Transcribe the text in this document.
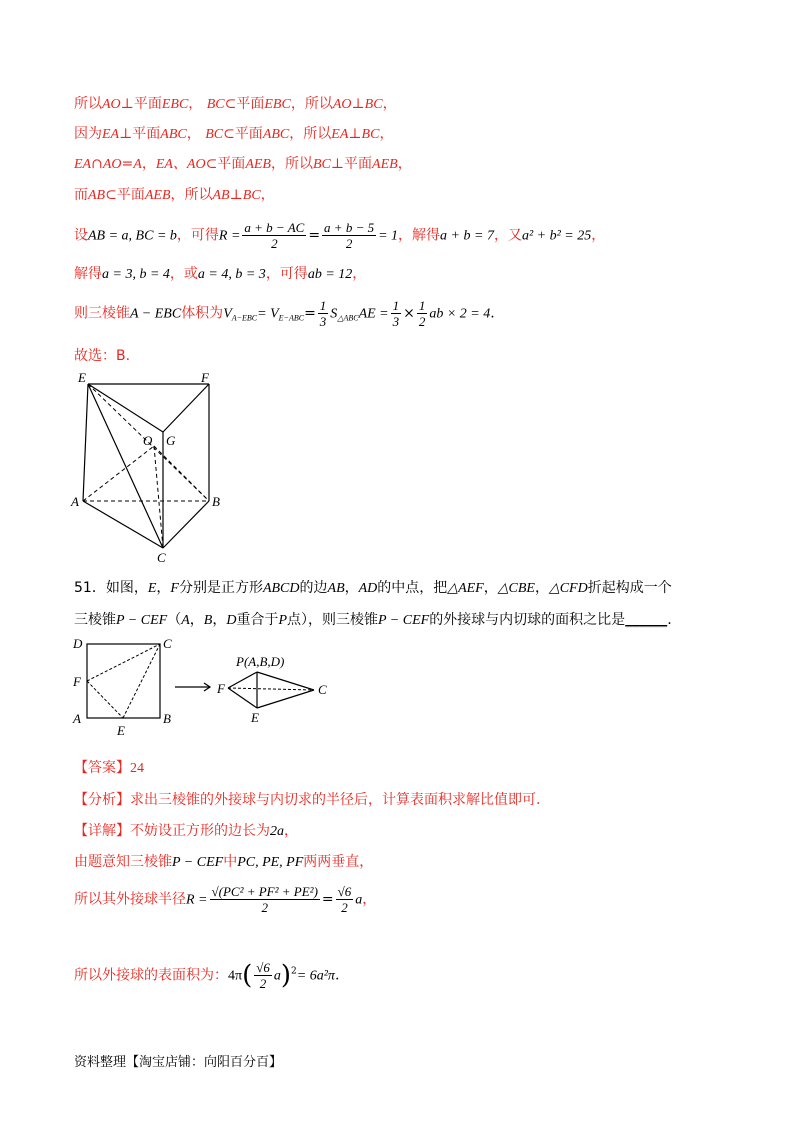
所以AO⊥平面EBC， BC⊂平面EBC，所以AO⊥BC，
因为EA⊥平面ABC， BC⊂平面ABC，所以EA⊥BC，
EA∩AO=A，EA、AO⊂平面AEB，所以BC⊥平面AEB，
而AB⊂平面AEB，所以AB⊥BC，
设AB = a, BC = b，可得$R = \frac{a + b - AC}{2} = \frac{a + b - 5}{2} = 1$，解得a + b = 7，又a² + b² = 25，
解得a = 3, b = 4，或a = 4, b = 3，可得ab = 12，
则三棱锥A − EBC体积为$V_{A-EBC}= V_{E-ABC}= \frac{1}{3} S_{\triangle ABC}AE = \frac{1}{3} \times \frac{1}{2}$ ab × 2 = 4.
故选：B.
E	F
O G
A	B
C
51．如图，E，F分别是正方形ABCD的边AB，AD的中点，把△AEF，△CBE，△CFD折起构成一个
三棱锥P − CEF（A，B，D重合于P点），则三棱锥P − CEF的外接球与内切球的面积之比是______.
D	C
F
A	B
E
P(A,B,D)
F	C
E
【答案】24
【分析】求出三棱锥的外接球与内切求的半径后，计算表面积求解比值即可.
【详解】不妨设正方形的边长为2a，
由题意知三棱锥P − CEF中PC, PE, PF两两垂直，
所以其外接球半径$R = \frac{\text{√(PC² + PF² + PE²)}}{2} = \frac{√6}{2}$ a，
所以外接球的表面积为：$4\pi( \frac{√6}{2} a)^2= 6a^2\pi$.
资料整理【淘宝店铺：向阳百分百】
